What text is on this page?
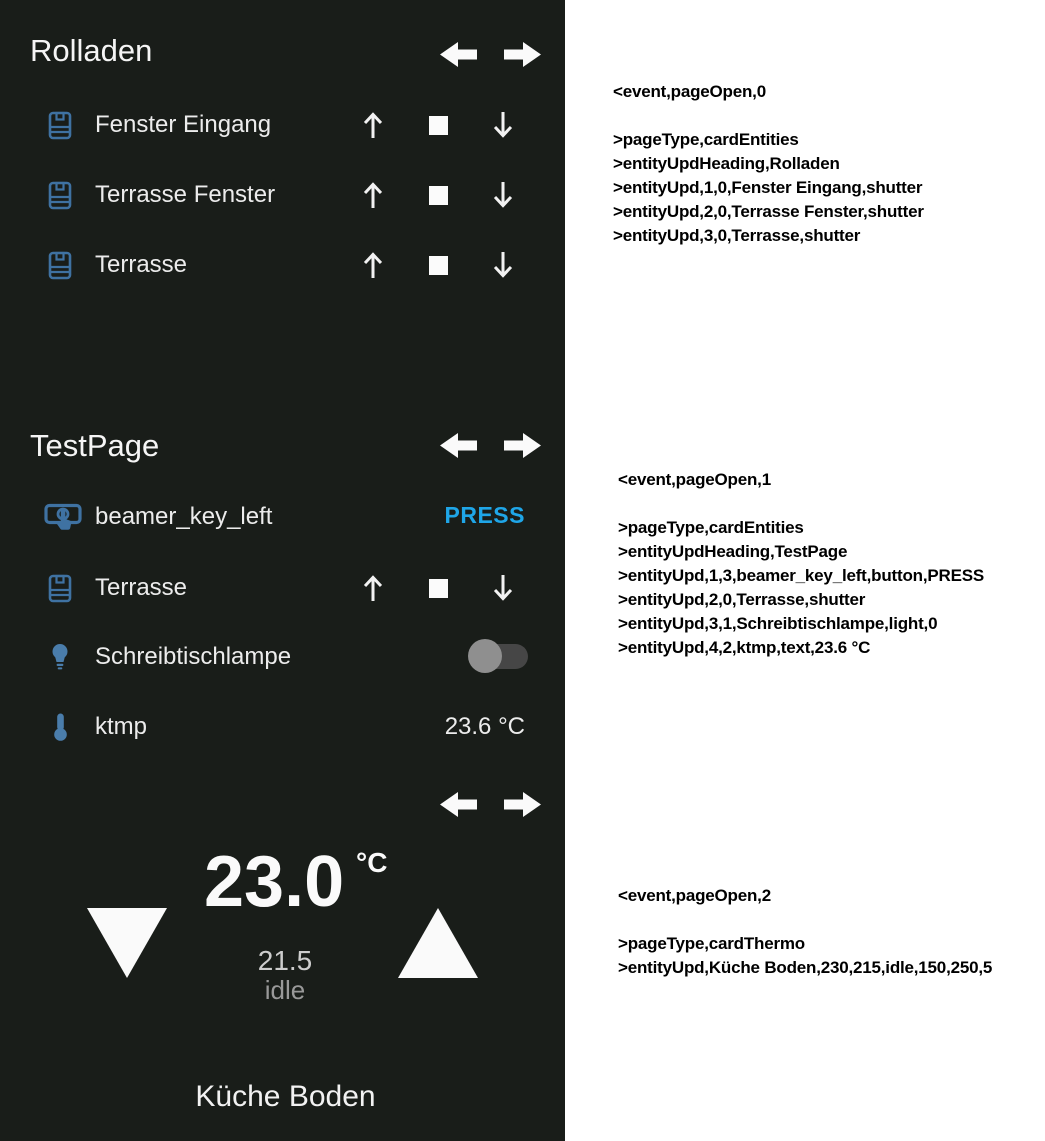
Rolladen
Fenster Eingang
Terrasse Fenster
Terrasse
TestPage
beamer_key_left	PRESS
Terrasse
Schreibtischlampe
ktmp	23.6 °C
23.0 °C
21.5
idle
Küche Boden
<event,pageOpen,0

>pageType,cardEntities
>entityUpdHeading,Rolladen
>entityUpd,1,0,Fenster Eingang,shutter
>entityUpd,2,0,Terrasse Fenster,shutter
>entityUpd,3,0,Terrasse,shutter
<event,pageOpen,1

>pageType,cardEntities
>entityUpdHeading,TestPage
>entityUpd,1,3,beamer_key_left,button,PRESS
>entityUpd,2,0,Terrasse,shutter
>entityUpd,3,1,Schreibtischlampe,light,0
>entityUpd,4,2,ktmp,text,23.6 °C
<event,pageOpen,2

>pageType,cardThermo
>entityUpd,Küche Boden,230,215,idle,150,250,5
